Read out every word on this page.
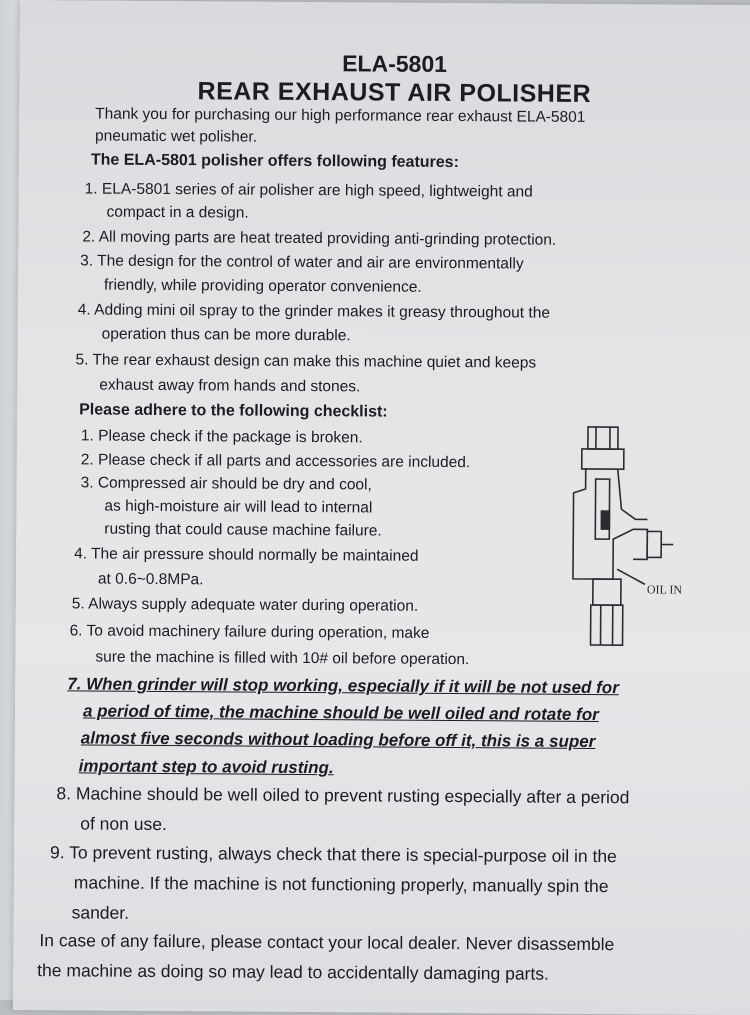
ELA-5801
REAR EXHAUST AIR POLISHER

Thank you for purchasing our high performance rear exhaust ELA-5801

pneumatic wet polisher.

The ELA-5801 polisher offers following features:

1. ELA-5801 series of air polisher are high speed, lightweight and

compact in a design.

2. All moving parts are heat treated providing anti-grinding protection.

3. The design for the control of water and air are environmentally

friendly, while providing operator convenience.

4. Adding mini oil spray to the grinder makes it greasy throughout the

operation thus can be more durable.

5. The rear exhaust design can make this machine quiet and keeps

exhaust away from hands and stones.

Please adhere to the following checklist:

1. Please check if the package is broken.

2. Please check if all parts and accessories are included.

3. Compressed air should be dry and cool,

as high-moisture air will lead to internal

rusting that could cause machine failure.

4. The air pressure should normally be maintained

at 0.6~0.8MPa.

5. Always supply adequate water during operation.

6. To avoid machinery failure during operation, make

sure the machine is filled with 10# oil before operation.

7. When grinder will stop working, especially if it will be not used for

a period of time, the machine should be well oiled and rotate for

almost five seconds without loading before off it, this is a super

important step to avoid rusting.

8. Machine should be well oiled to prevent rusting especially after a period

of non use.

9. To prevent rusting, always check that there is special-purpose oil in the

machine. If the machine is not functioning properly, manually spin the

sander.

In case of any failure, please contact your local dealer. Never disassemble

the machine as doing so may lead to accidentally damaging parts.

OIL IN
